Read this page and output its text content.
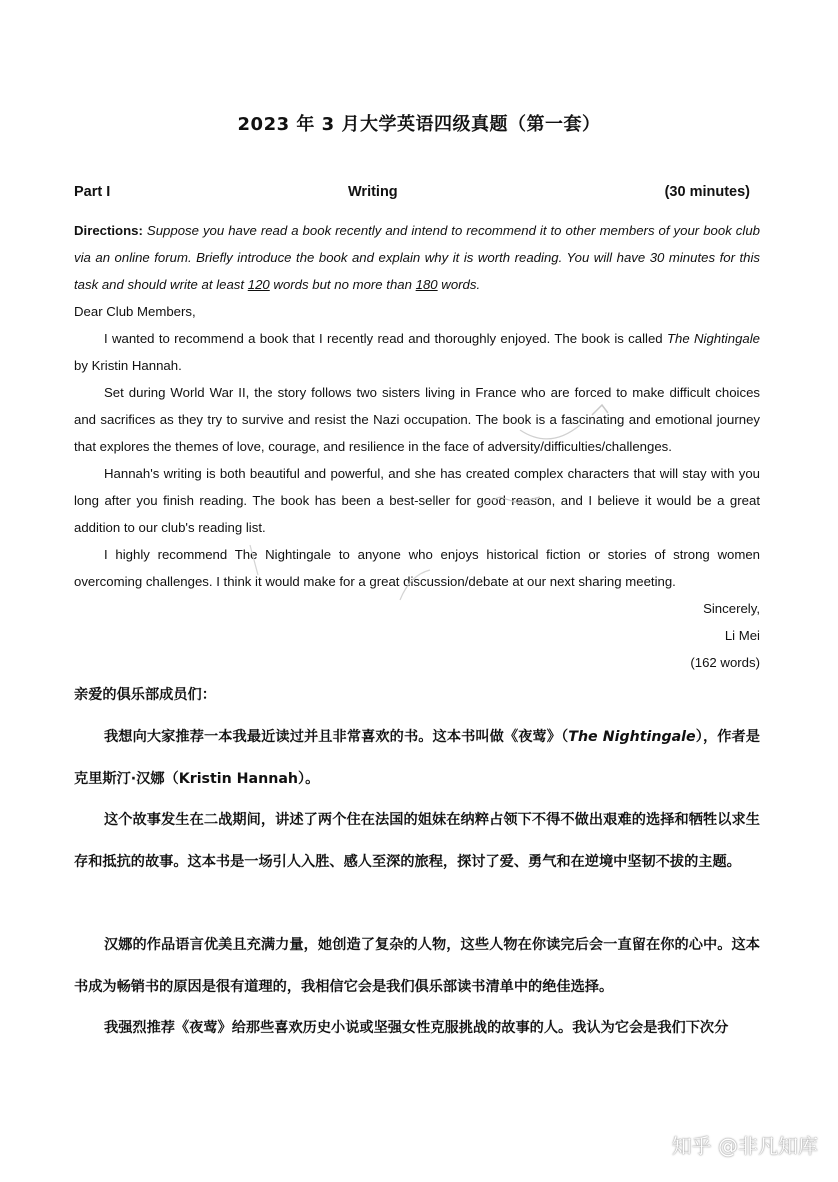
2023 年 3 月大学英语四级真题（第一套）
Part I	Writing	(30 minutes)
Directions: Suppose you have read a book recently and intend to recommend it to other members of your book club via an online forum. Briefly introduce the book and explain why it is worth reading. You will have 30 minutes for this task and should write at least 120 words but no more than 180 words.
Dear Club Members,
I wanted to recommend a book that I recently read and thoroughly enjoyed. The book is called The Nightingale by Kristin Hannah.
Set during World War II, the story follows two sisters living in France who are forced to make difficult choices and sacrifices as they try to survive and resist the Nazi occupation. The book is a fascinating and emotional journey that explores the themes of love, courage, and resilience in the face of adversity/difficulties/challenges.
Hannah's writing is both beautiful and powerful, and she has created complex characters that will stay with you long after you finish reading. The book has been a best-seller for good reason, and I believe it would be a great addition to our club's reading list.
I highly recommend The Nightingale to anyone who enjoys historical fiction or stories of strong women overcoming challenges. I think it would make for a great discussion/debate at our next sharing meeting.
Sincerely,
Li Mei
(162 words)
亲爱的俱乐部成员们：
我想向大家推荐一本我最近读过并且非常喜欢的书。这本书叫做《夜莺》（The Nightingale），作者是克里斯汀·汉娜（Kristin Hannah）。
这个故事发生在二战期间，讲述了两个住在法国的姐妹在纳粹占领下不得不做出艰难的选择和牺牲以求生存和抵抗的故事。这本书是一场引人入胜、感人至深的旅程，探讨了爱、勇气和在逆境中坚韧不拔的主题。
汉娜的作品语言优美且充满力量，她创造了复杂的人物，这些人物在你读完后会一直留在你的心中。这本书成为畅销书的原因是很有道理的，我相信它会是我们俱乐部读书清单中的绝佳选择。
我强烈推荐《夜莺》给那些喜欢历史小说或坚强女性克服挑战的故事的人。我认为它会是我们下次分
知乎 @非凡知库
